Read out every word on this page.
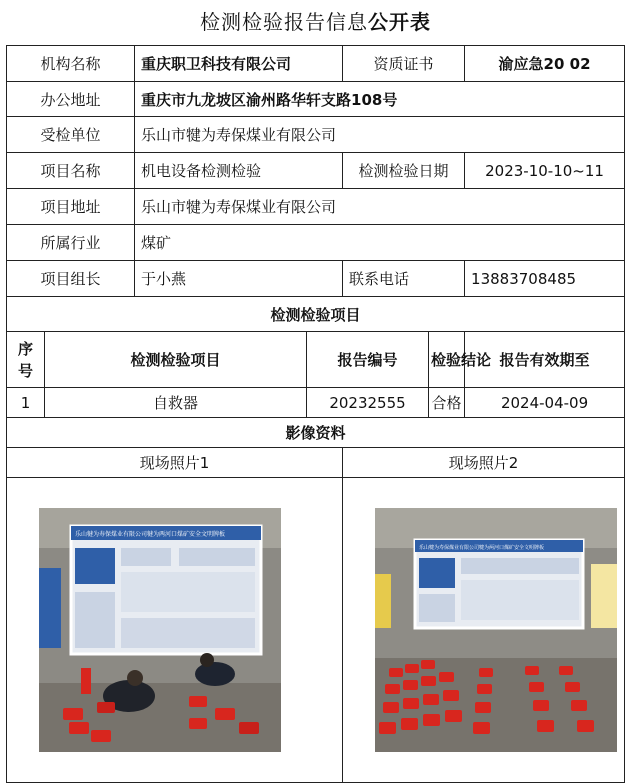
检测检验报告信息公开表
机构名称		重庆职卫科技有限公司		资质证书		渝应急20 02
办公地址		重庆市九龙坡区渝州路华轩支路108号				
受检单位		乐山市犍为寿保煤业有限公司				
项目名称		机电设备检测检验		检测检验日期		2023-10-10~11
项目地址		乐山市犍为寿保煤业有限公司				
所属行业		煤矿				
项目组长		于小燕		联系电话		13883708485
检测检验项目						

序
号	检测检验项目		报告编号		检验结论	报告有效期至
1	自救器		20232555		合格	2024-04-09
影像资料						
现场照片1				现场照片2		

乐山犍为寿保煤业有限公司犍为两河口煤矿安全文明牌板				乐山犍为寿保煤业有限公司犍为两河口煤矿安全文明牌板		
